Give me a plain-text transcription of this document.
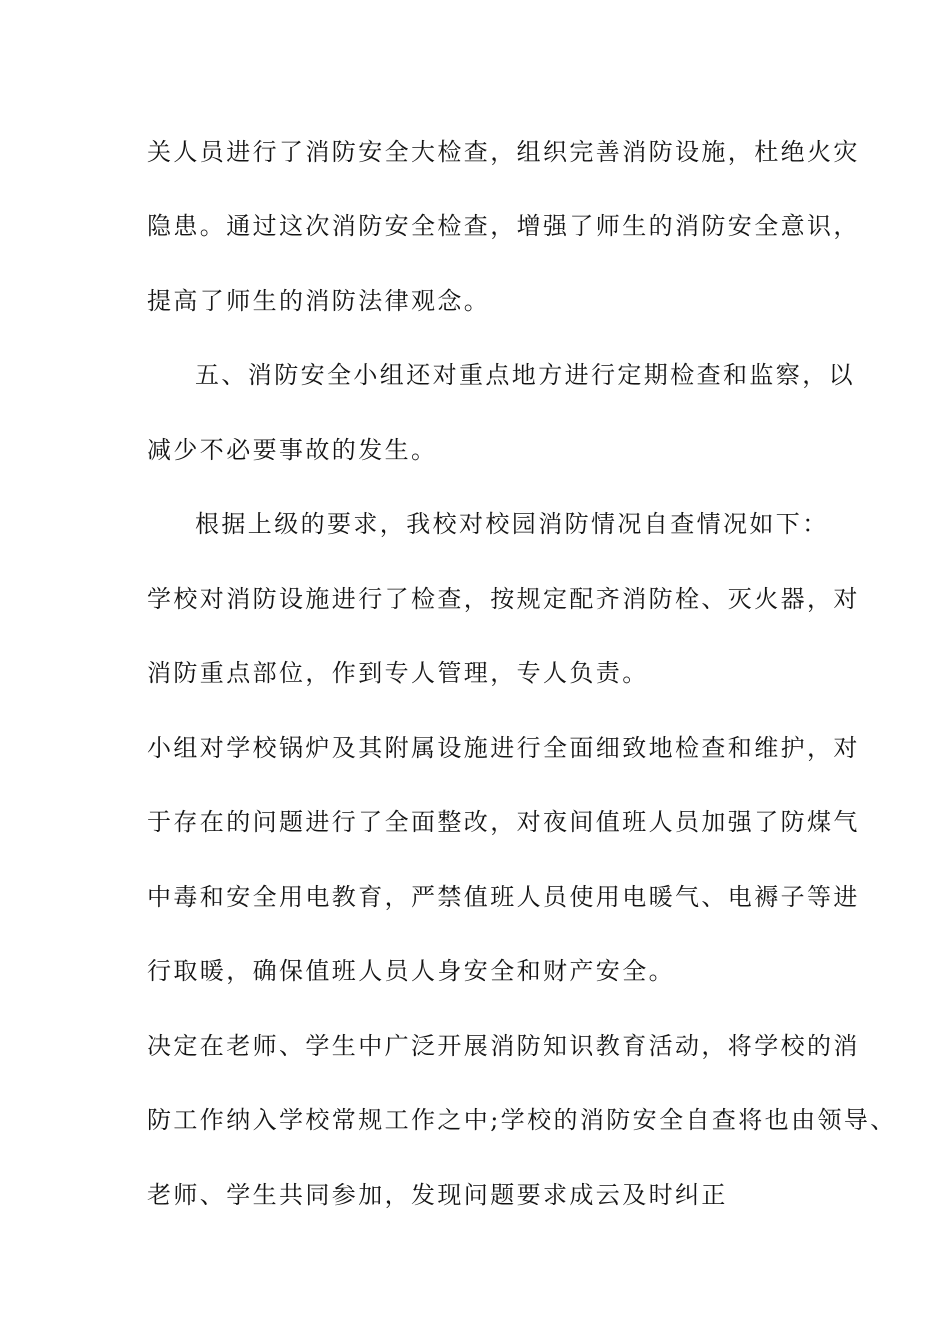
关人员进行了消防安全大检查，组织完善消防设施，杜绝火灾
隐患。通过这次消防安全检查，增强了师生的消防安全意识，
提高了师生的消防法律观念。
五、消防安全小组还对重点地方进行定期检查和监察，以
减少不必要事故的发生。
根据上级的要求，我校对校园消防情况自查情况如下：
学校对消防设施进行了检查，按规定配齐消防栓、灭火器，对
消防重点部位，作到专人管理，专人负责。
小组对学校锅炉及其附属设施进行全面细致地检查和维护，对
于存在的问题进行了全面整改，对夜间值班人员加强了防煤气
中毒和安全用电教育，严禁值班人员使用电暖气、电褥子等进
行取暖，确保值班人员人身安全和财产安全。
决定在老师、学生中广泛开展消防知识教育活动，将学校的消
防工作纳入学校常规工作之中;学校的消防安全自查将也由领导、
老师、学生共同参加，发现问题要求成云及时纠正
